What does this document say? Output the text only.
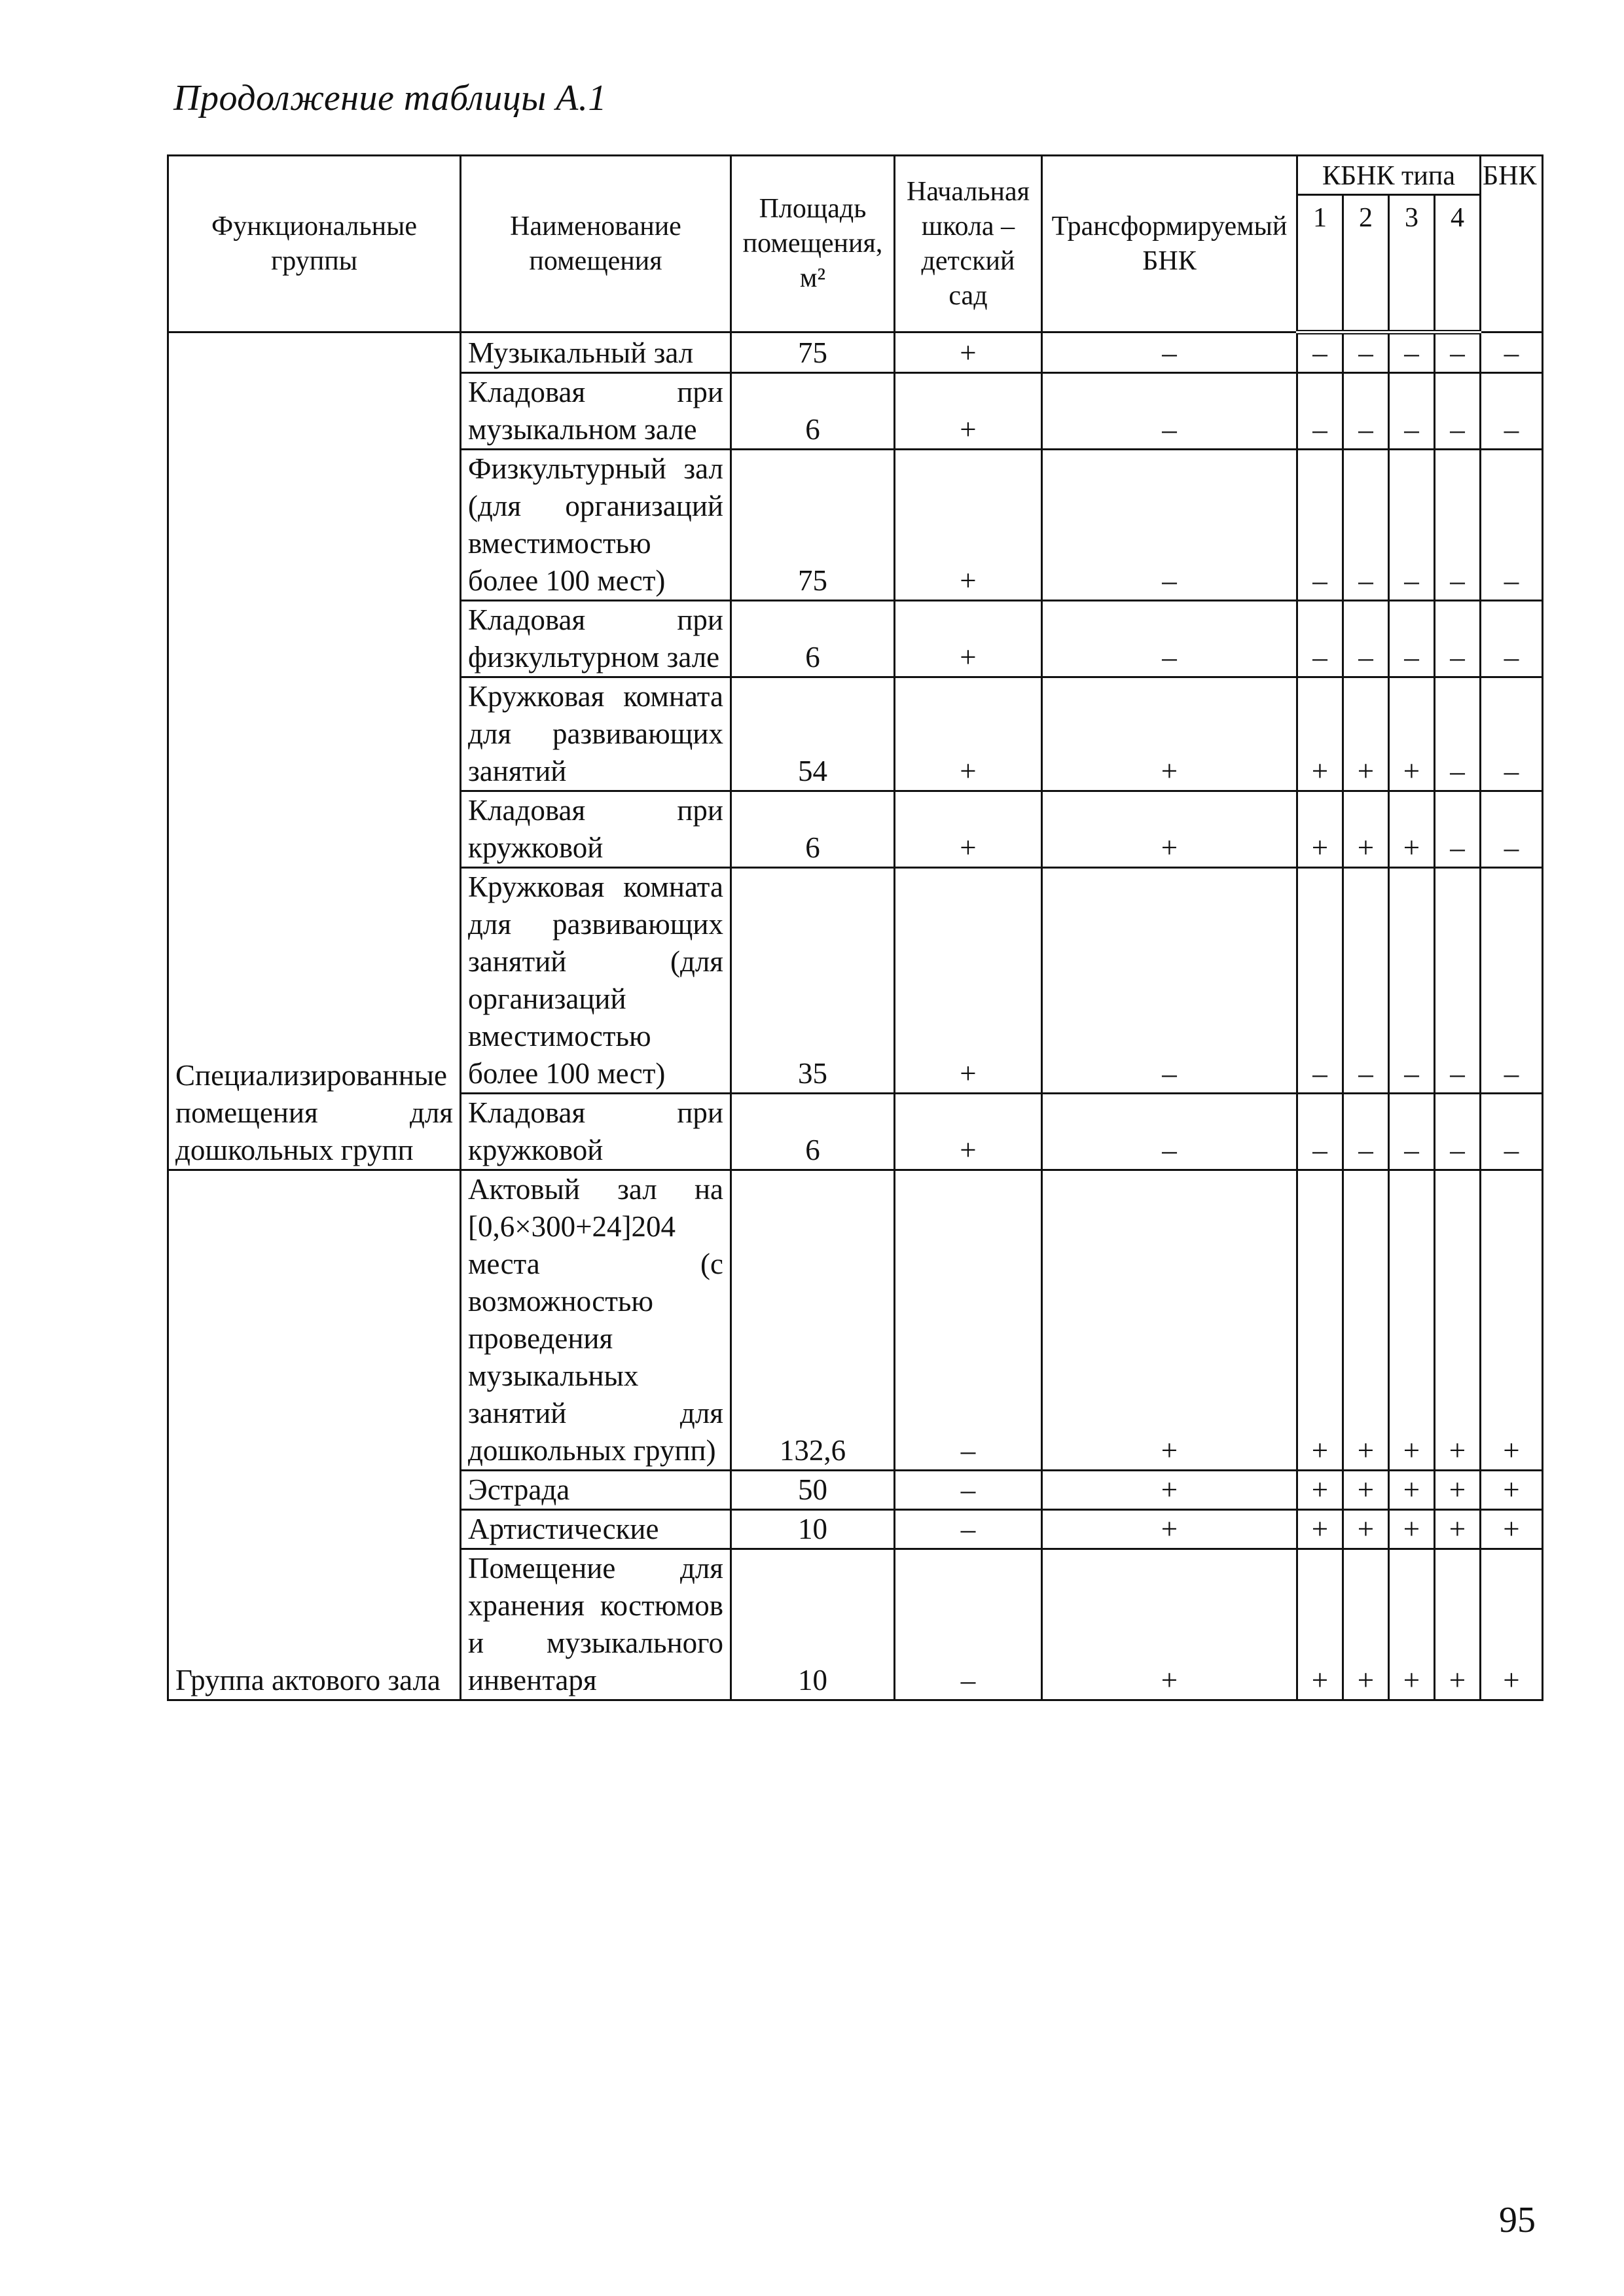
Продолжение таблицы А.1
Функциональные группы	Наименование помещения	Площадь помещения, м²	Начальная школа – детский сад	Трансформируемый БНК	КБНК типа				БНК
					1	2	3	4	
Специализированные помещения для дошкольных групп	Музыкальный зал	75	+	–	–	–	–	–	–
	Кладовая при музыкальном зале	6	+	–	–	–	–	–	–
	Физкультурный зал (для организаций вместимостью более 100 мест)	75	+	–	–	–	–	–	–
	Кладовая при физкультурном зале	6	+	–	–	–	–	–	–
	Кружковая комната для развивающих занятий	54	+	+	+	+	+	–	–
	Кладовая при кружковой	6	+	+	+	+	+	–	–
	Кружковая комната для развивающих занятий (для организаций вместимостью более 100 мест)	35	+	–	–	–	–	–	–
	Кладовая при кружковой	6	+	–	–	–	–	–	–
Группа актового зала	Актовый зал на [0,6×300+24]204 места (с возможностью проведения музыкальных занятий для дошкольных групп)	132,6	–	+	+	+	+	+	+
	Эстрада	50	–	+	+	+	+	+	+
	Артистические	10	–	+	+	+	+	+	+
	Помещение для хранения костюмов и музыкального инвентаря	10	–	+	+	+	+	+	+
95
